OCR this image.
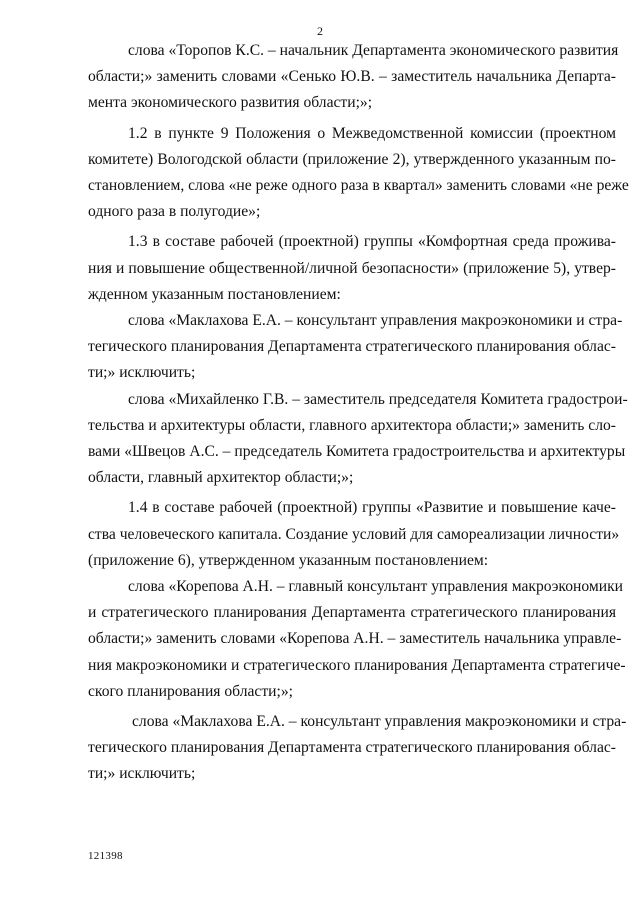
2
слова «Торопов К.С. – начальник Департамента экономического развития
области;» заменить словами «Сенько Ю.В. – заместитель начальника Департа-
мента экономического развития области;»;
1.2 в пункте 9 Положения о Межведомственной комиссии (проектном
комитете) Вологодской области (приложение 2), утвержденного указанным по-
становлением, слова «не реже одного раза в квартал» заменить словами «не реже
одного раза в полугодие»;
1.3 в составе рабочей (проектной) группы «Комфортная среда прожива-
ния и повышение общественной/личной безопасности» (приложение 5), утвер-
жденном указанным постановлением:
слова «Маклахова Е.А. – консультант управления макроэкономики и стра-
тегического планирования Департамента стратегического планирования облас-
ти;» исключить;
слова «Михайленко Г.В. – заместитель председателя Комитета градострои-
тельства и архитектуры области, главного архитектора области;» заменить сло-
вами «Швецов А.С. – председатель Комитета градостроительства и архитектуры
области, главный архитектор области;»;
1.4 в составе рабочей (проектной) группы «Развитие и повышение каче-
ства человеческого капитала. Создание условий для самореализации личности»
(приложение 6), утвержденном указанным постановлением:
слова «Корепова А.Н. – главный консультант управления макроэкономики
и стратегического планирования Департамента стратегического планирования
области;» заменить словами «Корепова А.Н. – заместитель начальника управле-
ния макроэкономики и стратегического планирования Департамента стратегиче-
ского планирования области;»;
слова «Маклахова Е.А. – консультант управления макроэкономики и стра-
тегического планирования Департамента стратегического планирования облас-
ти;» исключить;
121398
